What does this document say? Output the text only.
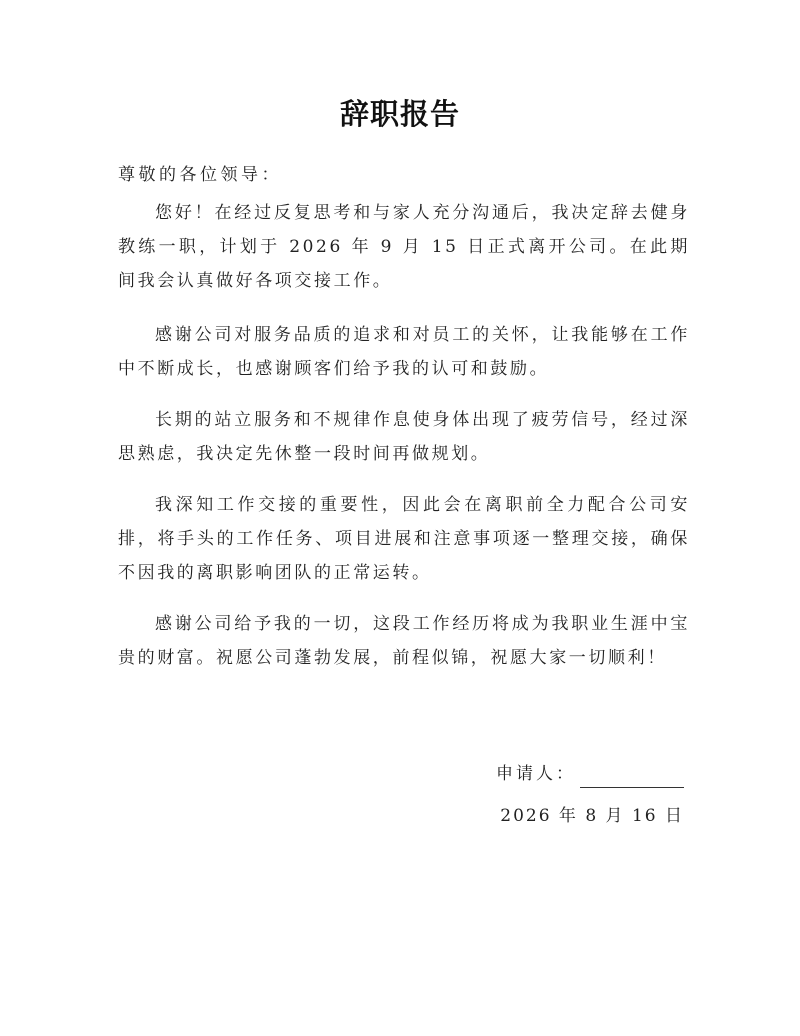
辞职报告
尊敬的各位领导：

您好！在经过反复思考和与家人充分沟通后，我决定辞去健身教练一职，计划于 2026 年 9 月 15 日正式离开公司。在此期间我会认真做好各项交接工作。

感谢公司对服务品质的追求和对员工的关怀，让我能够在工作中不断成长，也感谢顾客们给予我的认可和鼓励。

长期的站立服务和不规律作息使身体出现了疲劳信号，经过深思熟虑，我决定先休整一段时间再做规划。

我深知工作交接的重要性，因此会在离职前全力配合公司安排，将手头的工作任务、项目进展和注意事项逐一整理交接，确保不因我的离职影响团队的正常运转。

感谢公司给予我的一切，这段工作经历将成为我职业生涯中宝贵的财富。祝愿公司蓬勃发展，前程似锦，祝愿大家一切顺利！

申请人：
2026 年 8 月 16 日
